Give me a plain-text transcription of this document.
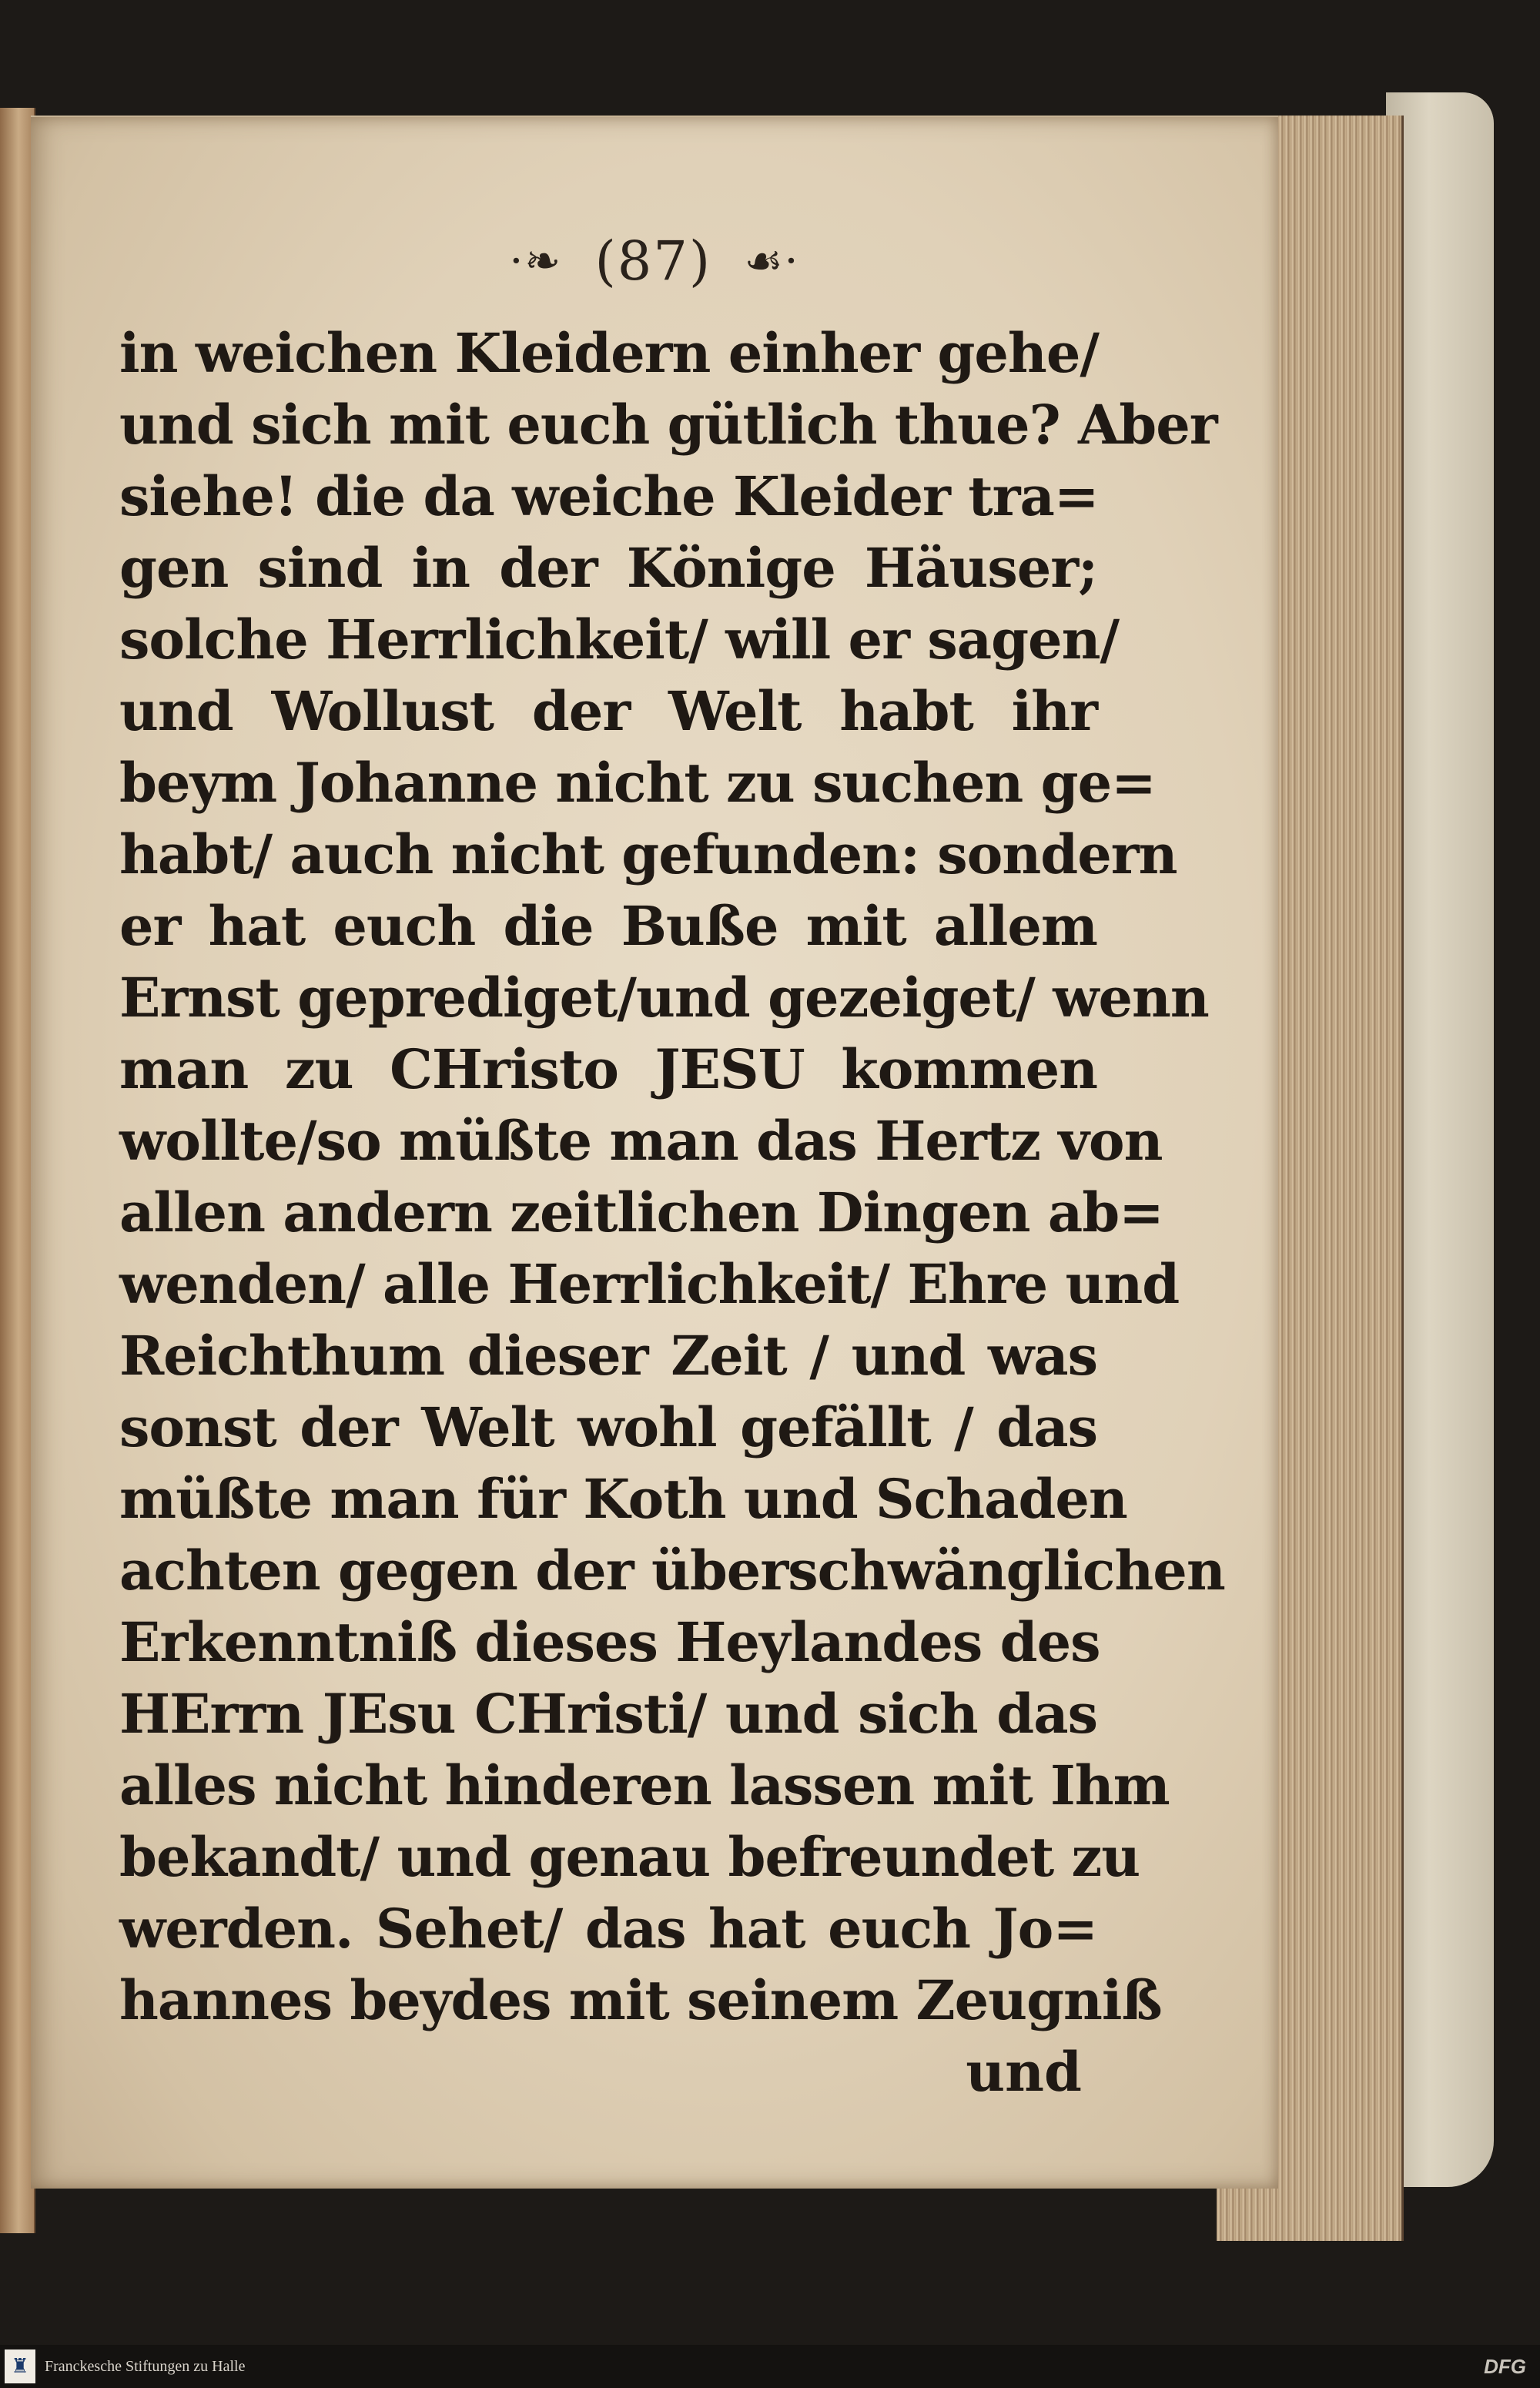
·❧ (87) ☙·
in weichen Kleidern einher gehe/
und sich mit euch gütlich thue? Aber
siehe! die da weiche Kleider tra=
gen sind in der Könige Häuser;
solche Herrlichkeit/ will er sagen/
und Wollust der Welt habt ihr
beym Johanne nicht zu suchen ge=
habt/ auch nicht gefunden: sondern
er hat euch die Buße mit allem
Ernst geprediget/und gezeiget/ wenn
man zu CHristo JESU kommen
wollte/so müßte man das Hertz von
allen andern zeitlichen Dingen ab=
wenden/ alle Herrlichkeit/ Ehre und
Reichthum dieser Zeit / und was
sonst der Welt wohl gefällt / das
müßte man für Koth und Schaden
achten gegen der überschwänglichen
Erkenntniß dieses Heylandes des
HErrn JEsu CHristi/ und sich das
alles nicht hinderen lassen mit Ihm
bekandt/ und genau befreundet zu
werden. Sehet/ das hat euch Jo=
hannes beydes mit seinem Zeugniß
und
♜	Franckesche Stiftungen zu Halle	DFG
